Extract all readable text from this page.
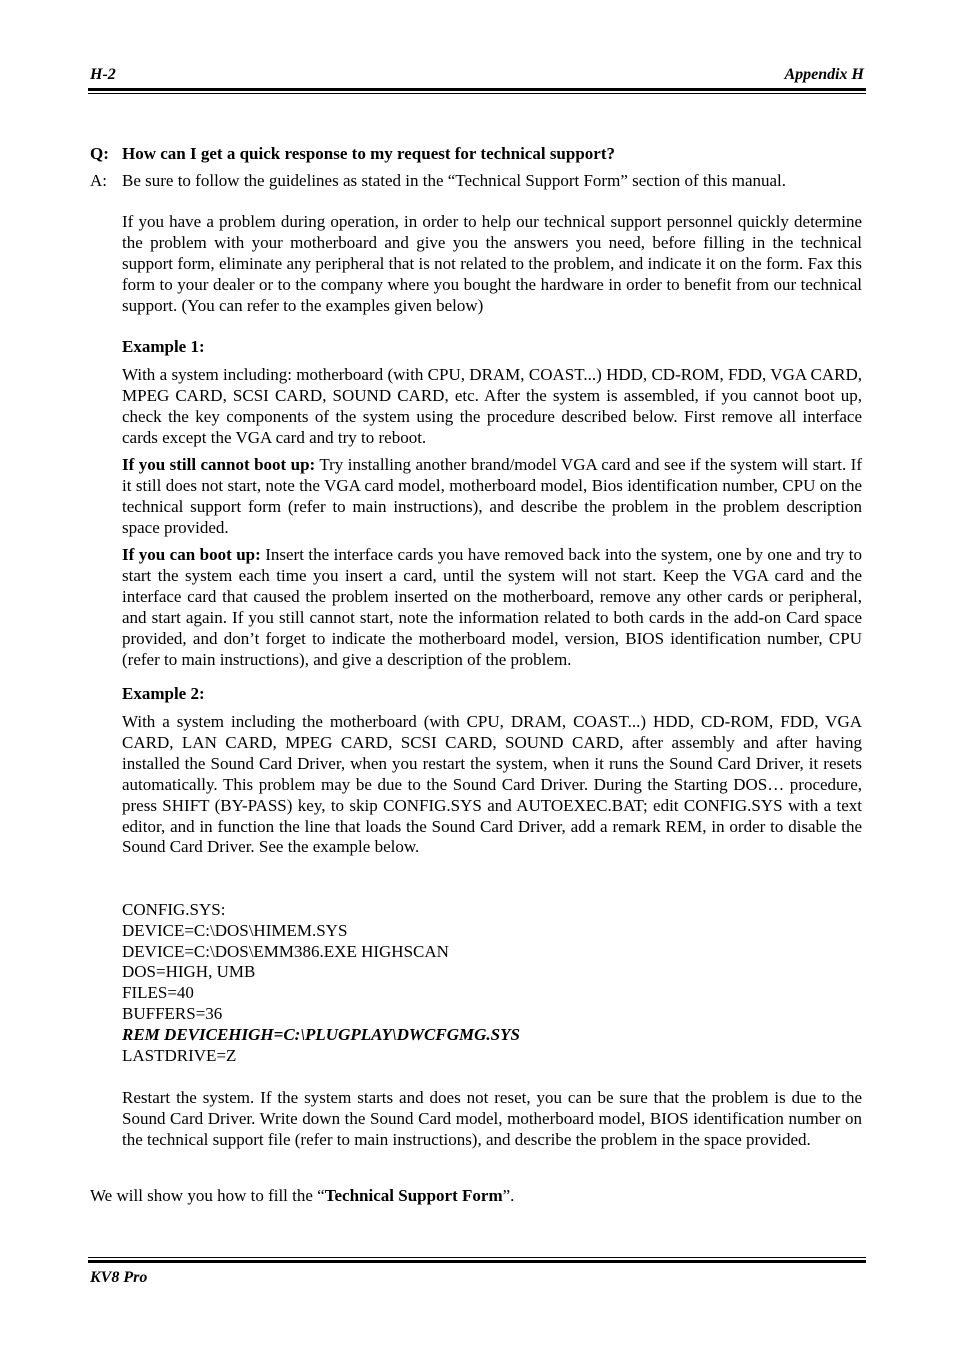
H-2	Appendix H
Q: How can I get a quick response to my request for technical support?
A: Be sure to follow the guidelines as stated in the “Technical Support Form” section of this manual.

If you have a problem during operation, in order to help our technical support personnel quickly determine the problem with your motherboard and give you the answers you need, before filling in the technical support form, eliminate any peripheral that is not related to the problem, and indicate it on the form. Fax this form to your dealer or to the company where you bought the hardware in order to benefit from our technical support. (You can refer to the examples given below)

Example 1:

With a system including: motherboard (with CPU, DRAM, COAST...) HDD, CD-ROM, FDD, VGA CARD, MPEG CARD, SCSI CARD, SOUND CARD, etc. After the system is assembled, if you cannot boot up, check the key components of the system using the procedure described below. First remove all interface cards except the VGA card and try to reboot.

If you still cannot boot up: Try installing another brand/model VGA card and see if the system will start. If it still does not start, note the VGA card model, motherboard model, Bios identification number, CPU on the technical support form (refer to main instructions), and describe the problem in the problem description space provided.

If you can boot up: Insert the interface cards you have removed back into the system, one by one and try to start the system each time you insert a card, until the system will not start. Keep the VGA card and the interface card that caused the problem inserted on the motherboard, remove any other cards or peripheral, and start again. If you still cannot start, note the information related to both cards in the add-on Card space provided, and don’t forget to indicate the motherboard model, version, BIOS identification number, CPU (refer to main instructions), and give a description of the problem.

Example 2:

With a system including the motherboard (with CPU, DRAM, COAST...) HDD, CD-ROM, FDD, VGA CARD, LAN CARD, MPEG CARD, SCSI CARD, SOUND CARD, after assembly and after having installed the Sound Card Driver, when you restart the system, when it runs the Sound Card Driver, it resets automatically. This problem may be due to the Sound Card Driver. During the Starting DOS… procedure, press SHIFT (BY-PASS) key, to skip CONFIG.SYS and AUTOEXEC.BAT; edit CONFIG.SYS with a text editor, and in function the line that loads the Sound Card Driver, add a remark REM, in order to disable the Sound Card Driver. See the example below.

CONFIG.SYS:
DEVICE=C:\DOS\HIMEM.SYS
DEVICE=C:\DOS\EMM386.EXE HIGHSCAN
DOS=HIGH, UMB
FILES=40
BUFFERS=36
REM DEVICEHIGH=C:\PLUGPLAY\DWCFGMG.SYS
LASTDRIVE=Z

Restart the system. If the system starts and does not reset, you can be sure that the problem is due to the Sound Card Driver. Write down the Sound Card model, motherboard model, BIOS identification number on the technical support file (refer to main instructions), and describe the problem in the space provided.

We will show you how to fill the “Technical Support Form”.
KV8 Pro
